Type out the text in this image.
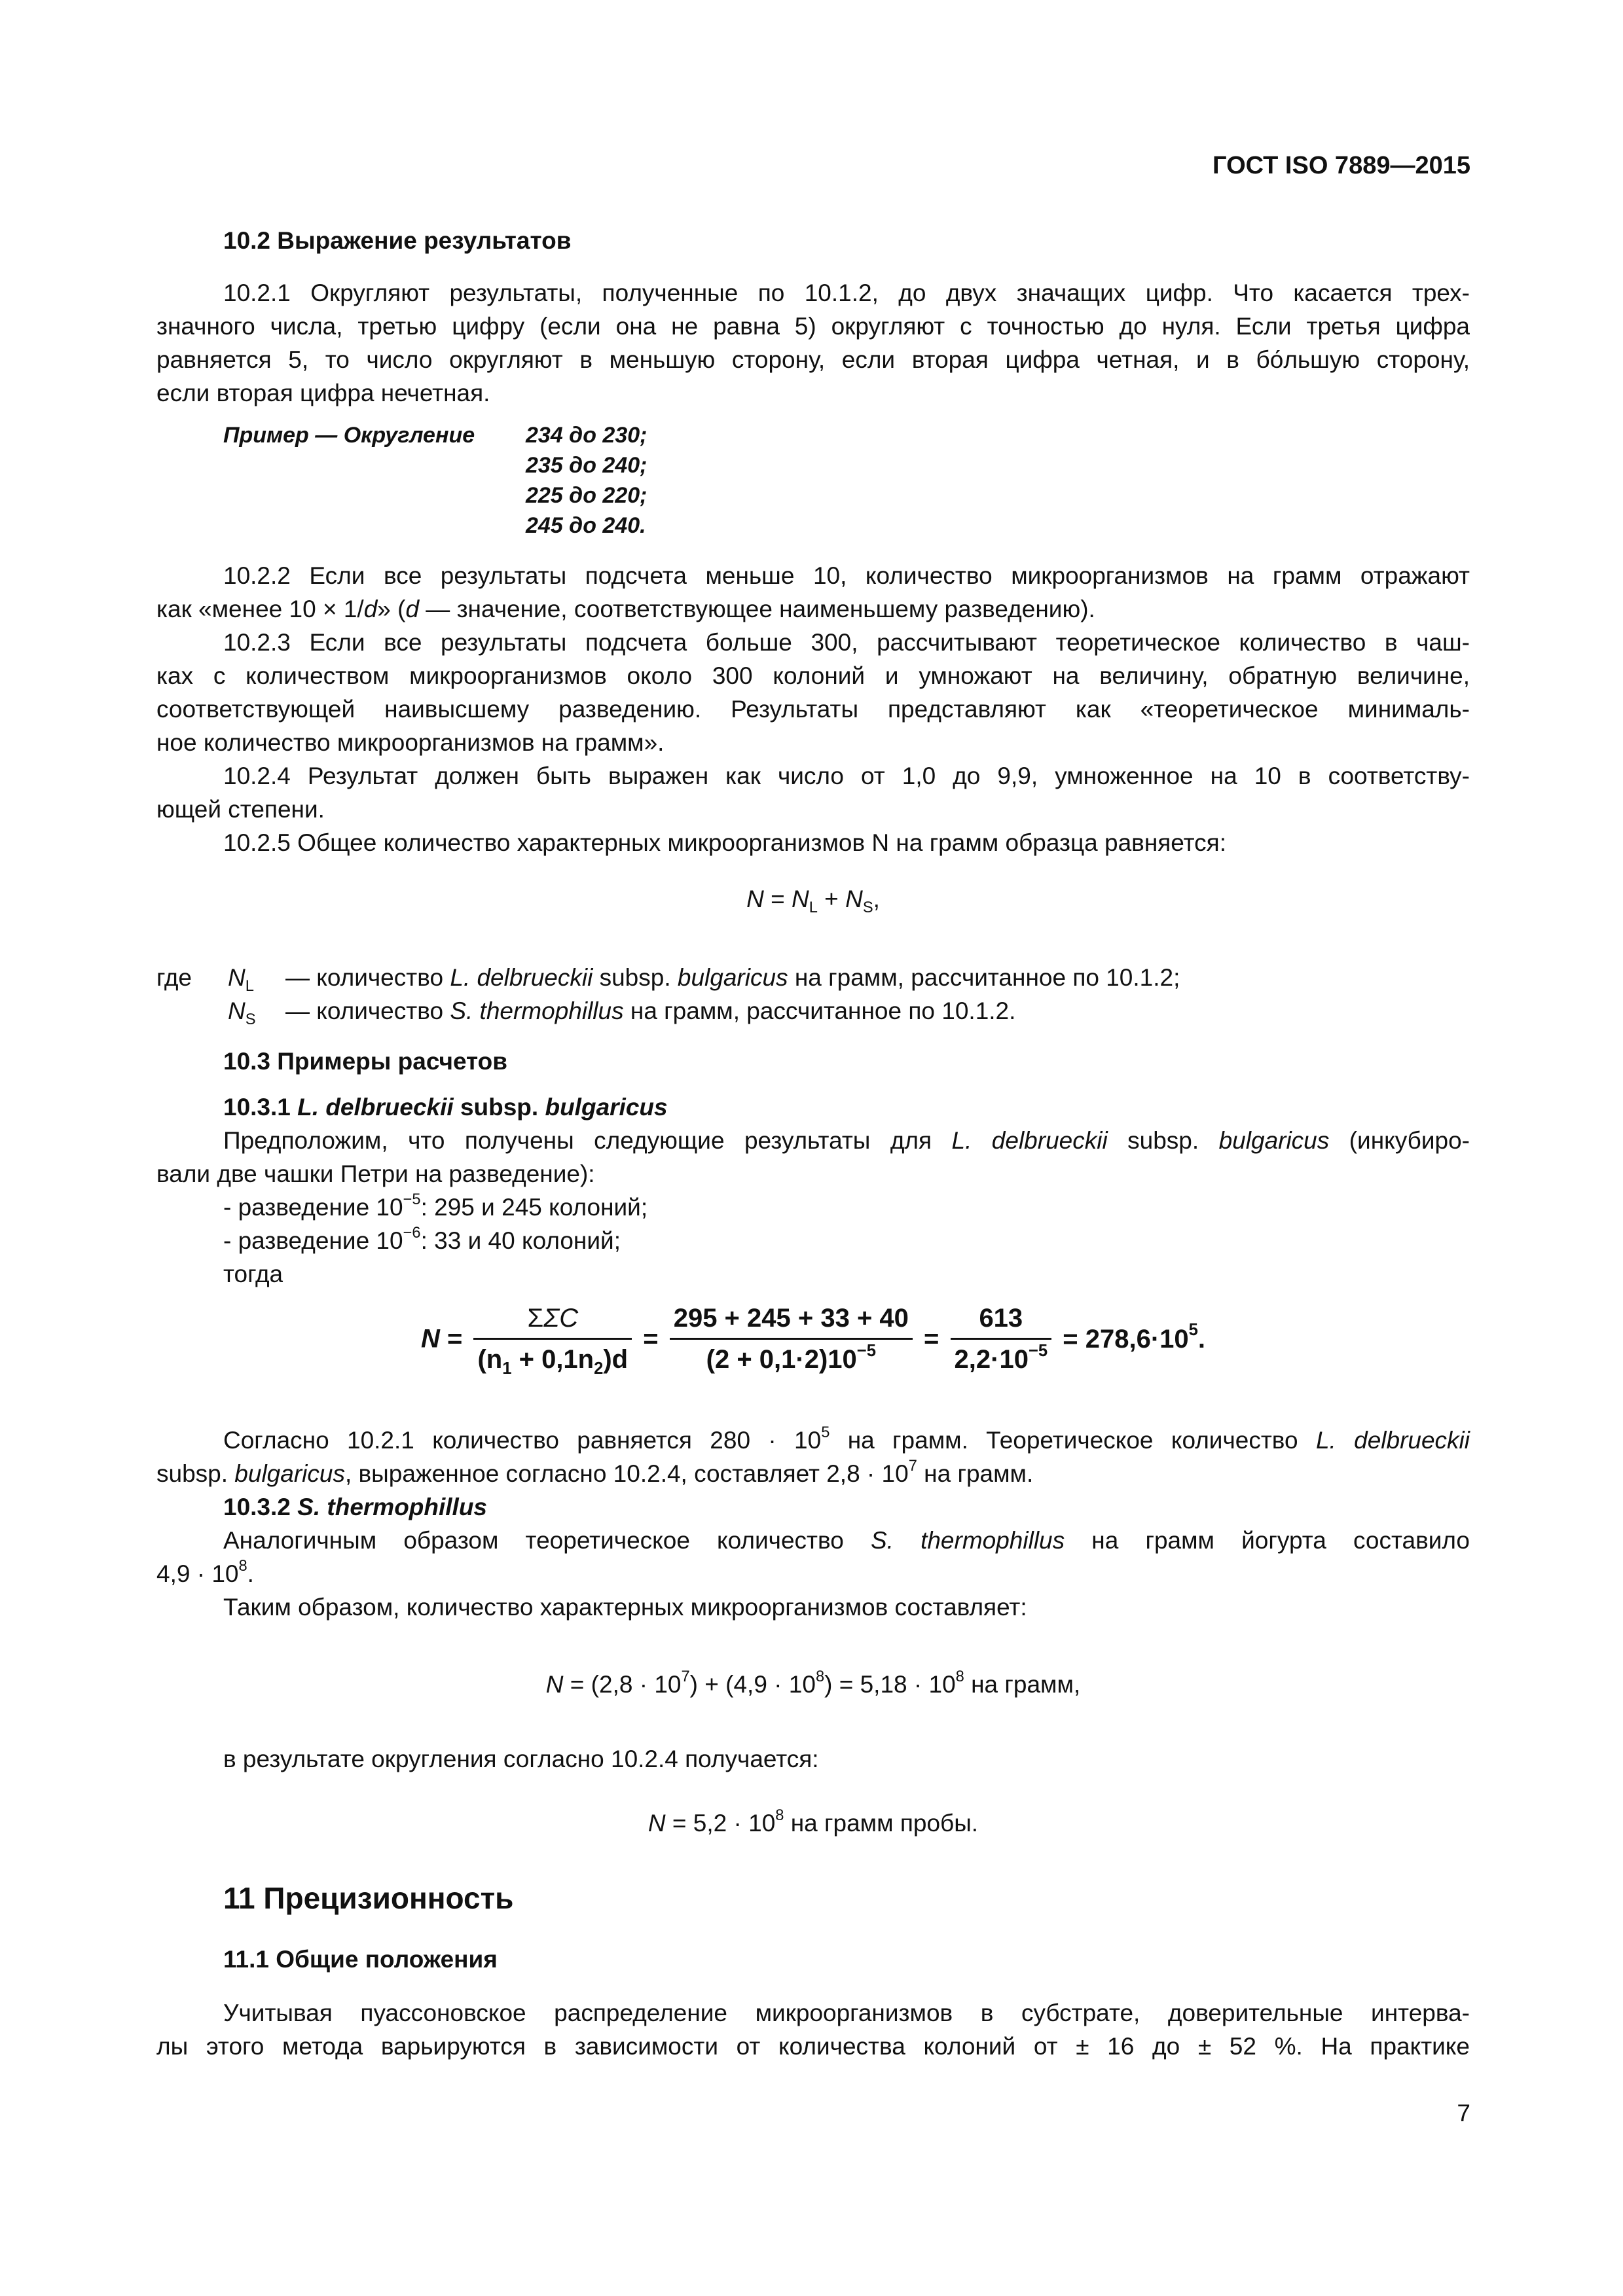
ГОСТ ISO 7889—2015
10.2 Выражение результатов
10.2.1 Округляют результаты, полученные по 10.1.2, до двух значащих цифр. Что касается трех-
значного числа, третью цифру (если она не равна 5) округляют с точностью до нуля. Если третья цифра
равняется 5, то число округляют в меньшую сторону, если вторая цифра четная, и в бо́льшую сторону,
если вторая цифра нечетная.
Пример — Округление 234 до 230;
235 до 240;
225 до 220;
245 до 240.
10.2.2 Если все результаты подсчета меньше 10, количество микроорганизмов на грамм отражают
как «менее 10 × 1/d» (d — значение, соответствующее наименьшему разведению).
10.2.3 Если все результаты подсчета больше 300, рассчитывают теоретическое количество в чаш-
ках с количеством микроорганизмов около 300 колоний и умножают на величину, обратную величине,
соответствующей наивысшему разведению. Результаты представляют как «теоретическое минималь-
ное количество микроорганизмов на грамм».
10.2.4 Результат должен быть выражен как число от 1,0 до 9,9, умноженное на 10 в соответству-
ющей степени.
10.2.5 Общее количество характерных микроорганизмов N на грамм образца равняется:
$N = N_L + N_S$,
где $N_L$ — количество L. delbrueckii subsp. bulgaricus на грамм, рассчитанное по 10.1.2;
$N_S$ — количество S. thermophillus на грамм, рассчитанное по 10.1.2.
10.3 Примеры расчетов
10.3.1 L. delbrueckii subsp. bulgaricus
Предположим, что получены следующие результаты для L. delbrueckii subsp. bulgaricus (инкубиро-
вали две чашки Петри на разведение):
- разведение $10^{-5}$: 295 и 245 колоний;
- разведение $10^{-6}$: 33 и 40 колоний;
тогда
$N = \frac{\text{ΣΣC}}{(n_1 + 0,1n_2)d} = \frac{295 + 245 + 33 + 40}{(2 + 0,1\cdot 2)10^{-5}} = \frac{613}{2,2\cdot 10^{-5}} = 278,6\cdot 10^5$.
Согласно 10.2.1 количество равняется $280 \cdot 10^5$ на грамм. Теоретическое количество L. delbrueckii
subsp. bulgaricus, выраженное согласно 10.2.4, составляет $2,8 \cdot 10^7$ на грамм.
10.3.2 S. thermophillus
Аналогичным образом теоретическое количество S. thermophillus на грамм йогурта составило
$4,9 \cdot 10^8$.
Таким образом, количество характерных микроорганизмов составляет:
$N = (2,8 \cdot 10^7) + (4,9 \cdot 10^8) = 5,18 \cdot 10^8$ на грамм,
в результате округления согласно 10.2.4 получается:
$N = 5,2 \cdot 10^8$ на грамм пробы.
11 Прецизионность
11.1 Общие положения
Учитывая пуассоновское распределение микроорганизмов в субстрате, доверительные интерва-
лы этого метода варьируются в зависимости от количества колоний от ± 16 до ± 52 %. На практике
7
